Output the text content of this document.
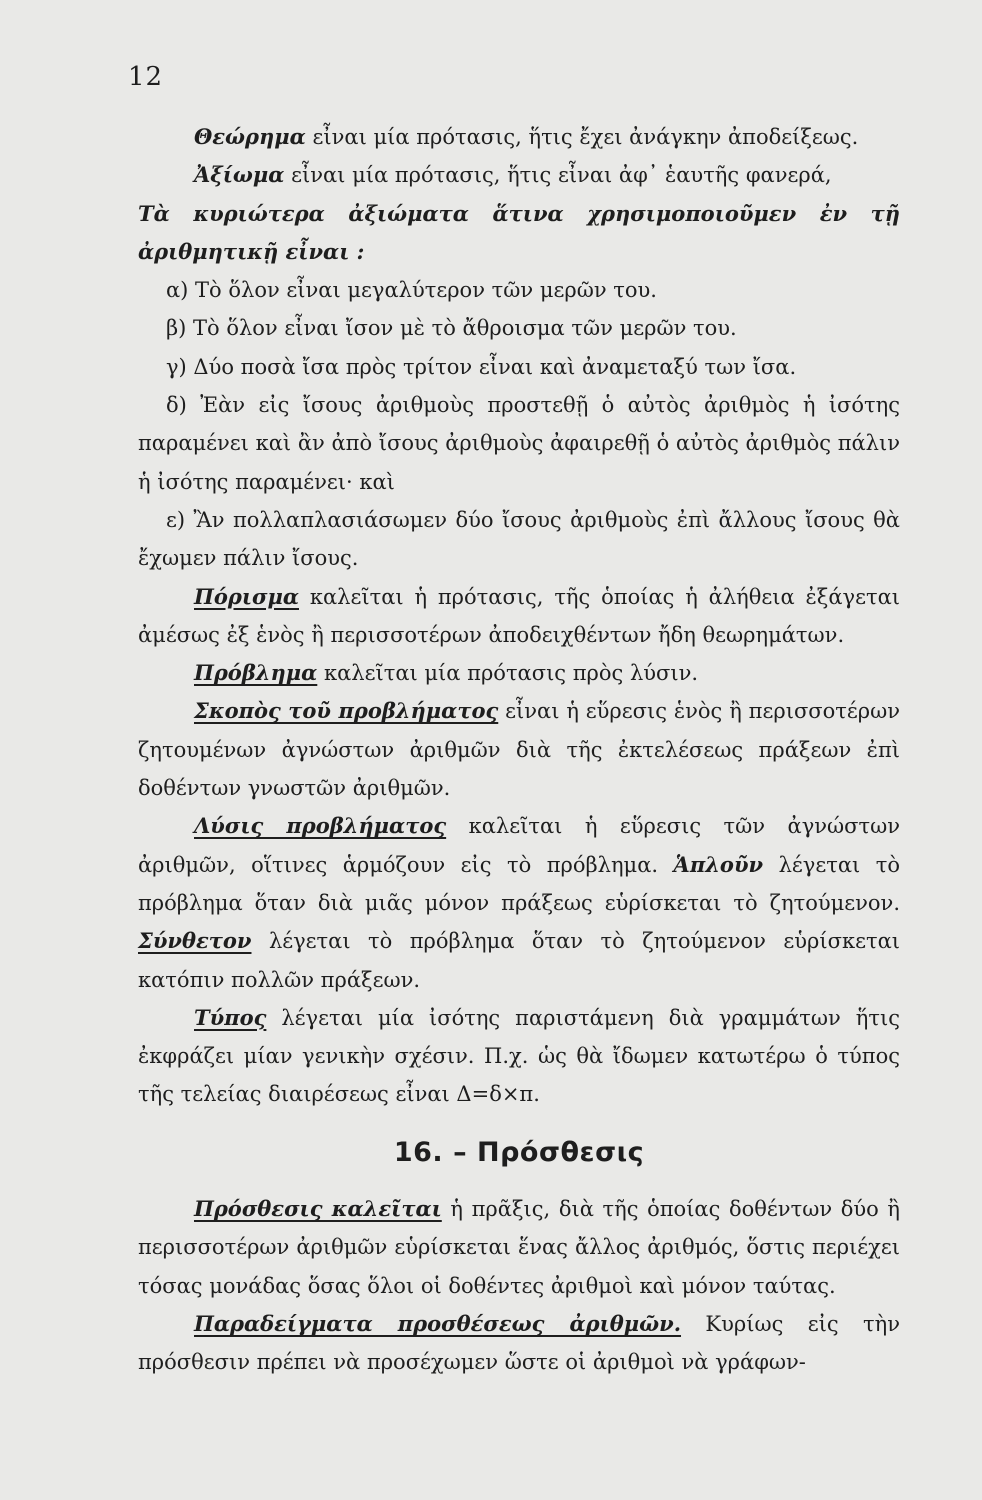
12

Θεώρημα εἶναι μία πρότασις, ἥτις ἔχει ἀνάγκην ἀποδείξεως.

Ἀξίωμα εἶναι μία πρότασις, ἥτις εἶναι ἀφ᾽ ἑαυτῆς φανερά,

Τὰ κυριώτερα ἀξιώματα ἅτινα χρησιμοποιοῦμεν ἐν τῇ ἀριθμητικῇ εἶναι :

α) Τὸ ὅλον εἶναι μεγαλύτερον τῶν μερῶν του.

β) Τὸ ὅλον εἶναι ἴσον μὲ τὸ ἄθροισμα τῶν μερῶν του.

γ) Δύο ποσὰ ἴσα πρὸς τρίτον εἶναι καὶ ἀναμεταξύ των ἴσα.

δ) Ἐὰν εἰς ἴσους ἀριθμοὺς προστεθῇ ὁ αὐτὸς ἀριθμὸς ἡ ἰσότης παραμένει καὶ ἂν ἀπὸ ἴσους ἀριθμοὺς ἀφαιρεθῇ ὁ αὐτὸς ἀριθμὸς πάλιν ἡ ἰσότης παραμένει· καὶ

ε) Ἂν πολλαπλασιάσωμεν δύο ἴσους ἀριθμοὺς ἐπὶ ἄλλους ἴσους θὰ ἔχωμεν πάλιν ἴσους.

Πόρισμα καλεῖται ἡ πρότασις, τῆς ὁποίας ἡ ἀλήθεια ἐξάγεται ἀμέσως ἐξ ἑνὸς ἢ περισσοτέρων ἀποδειχθέντων ἤδη θεωρημάτων.

Πρόβλημα καλεῖται μία πρότασις πρὸς λύσιν.

Σκοπὸς τοῦ προβλήματος εἶναι ἡ εὕρεσις ἑνὸς ἢ περισσοτέρων ζητουμένων ἀγνώστων ἀριθμῶν διὰ τῆς ἐκτελέσεως πράξεων ἐπὶ δοθέντων γνωστῶν ἀριθμῶν.

Λύσις προβλήματος καλεῖται ἡ εὕρεσις τῶν ἀγνώστων ἀριθμῶν, οἵτινες ἁρμόζουν εἰς τὸ πρόβλημα. Ἁπλοῦν λέγεται τὸ πρόβλημα ὅταν διὰ μιᾶς μόνον πράξεως εὑρίσκεται τὸ ζητούμενον. Σύνθετον λέγεται τὸ πρόβλημα ὅταν τὸ ζητούμενον εὑρίσκεται κατόπιν πολλῶν πράξεων.

Τύπος λέγεται μία ἰσότης παριστάμενη διὰ γραμμάτων ἥτις ἐκφράζει μίαν γενικὴν σχέσιν. Π.χ. ὡς θὰ ἴδωμεν κατωτέρω ὁ τύπος τῆς τελείας διαιρέσεως εἶναι Δ=δ×π.

16. – Πρόσθεσις

Πρόσθεσις καλεῖται ἡ πρᾶξις, διὰ τῆς ὁποίας δοθέντων δύο ἢ περισσοτέρων ἀριθμῶν εὑρίσκεται ἕνας ἄλλος ἀριθμός, ὅστις περιέχει τόσας μονάδας ὅσας ὅλοι οἱ δοθέντες ἀριθμοὶ καὶ μόνον ταύτας.

Παραδείγματα προσθέσεως ἀριθμῶν. Κυρίως εἰς τὴν πρόσθεσιν πρέπει νὰ προσέχωμεν ὥστε οἱ ἀριθμοὶ νὰ γράφων-
